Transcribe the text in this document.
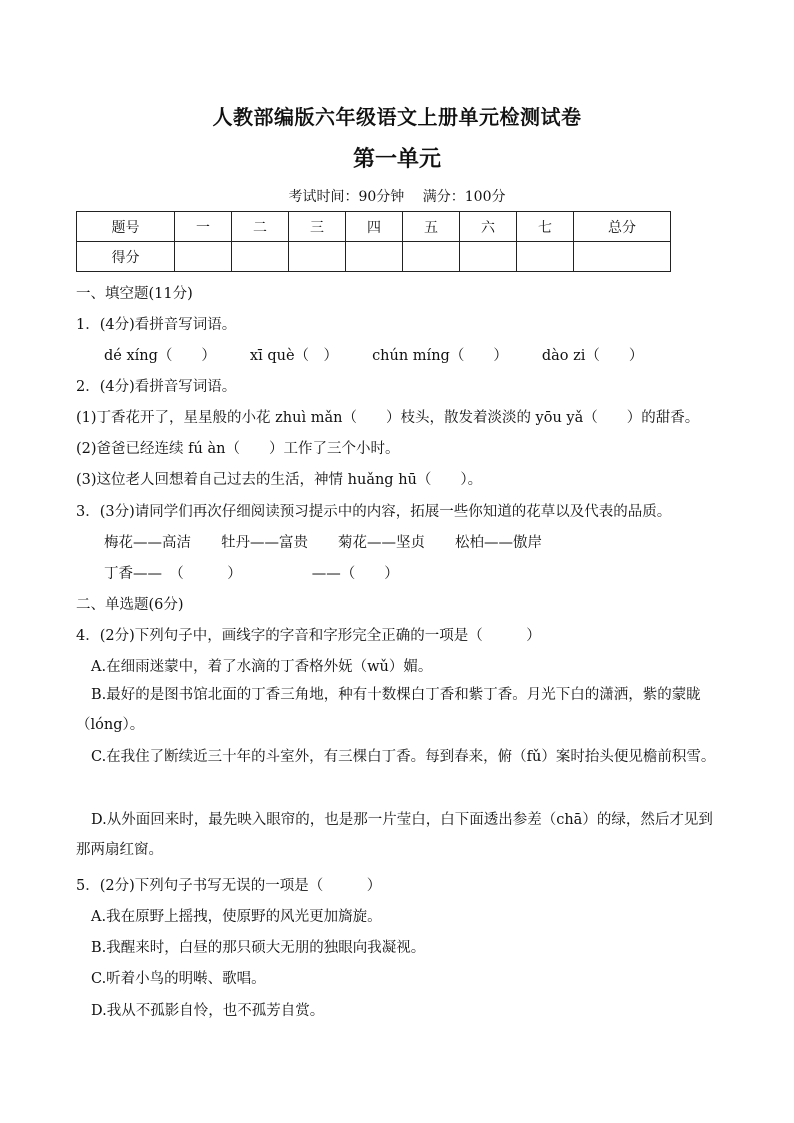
人教部编版六年级语文上册单元检测试卷
第一单元
考试时间：90分钟 满分：100分
题号	一	二	三	四	五	六	七	总分
得分								
一、填空题(11分)
1．(4分)看拼音写词语。
dé xíng（　　） xī què（　） chún míng（　　） dào zi（　　）
2．(4分)看拼音写词语。
(1)丁香花开了，星星般的小花 zhuì mǎn（　　）枝头，散发着淡淡的 yōu yǎ（　　）的甜香。
(2)爸爸已经连续 fú àn（　　）工作了三个小时。
(3)这位老人回想着自己过去的生活，神情 huǎng hū（　　）。
3．(3分)请同学们再次仔细阅读预习提示中的内容，拓展一些你知道的花草以及代表的品质。
梅花——高洁 牡丹——富贵 菊花——坚贞 松柏——傲岸
丁香——　（　　　）	——（　　）
二、单选题(6分)
4．(2分)下列句子中，画线字的字音和字形完全正确的一项是（　　　）
A.在细雨迷蒙中，着了水滴的丁香格外妩（wǔ）媚。
B.最好的是图书馆北面的丁香三角地，种有十数棵白丁香和紫丁香。月光下白的潇洒，紫的蒙眬（lóng）。
C.在我住了断续近三十年的斗室外，有三棵白丁香。每到春来，俯（fǔ）案时抬头便见檐前积雪。
D.从外面回来时，最先映入眼帘的，也是那一片莹白，白下面透出参差（chā）的绿，然后才见到那两扇红窗。
5．(2分)下列句子书写无误的一项是（　　　）
A.我在原野上摇拽，使原野的风光更加旖旋。
B.我醒来时，白昼的那只硕大无朋的独眼向我凝视。
C.听着小鸟的明啭、歌唱。
D.我从不孤影自怜，也不孤芳自赏。
